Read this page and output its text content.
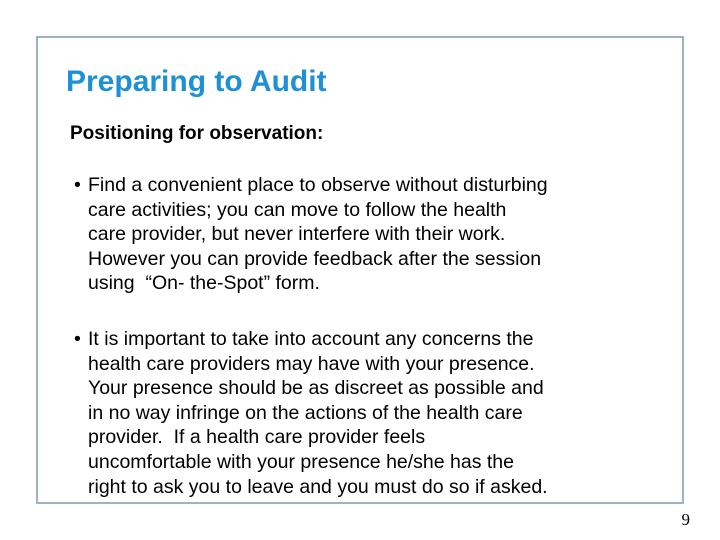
Preparing to Audit

Positioning for observation:

• Find a convenient place to observe without disturbing
care activities; you can move to follow the health
care provider, but never interfere with their work.
However you can provide feedback after the session
using  “On- the-Spot” form.
• It is important to take into account any concerns the
health care providers may have with your presence.
Your presence should be as discreet as possible and
in no way infringe on the actions of the health care
provider.  If a health care provider feels
uncomfortable with your presence he/she has the
right to ask you to leave and you must do so if asked.

9
